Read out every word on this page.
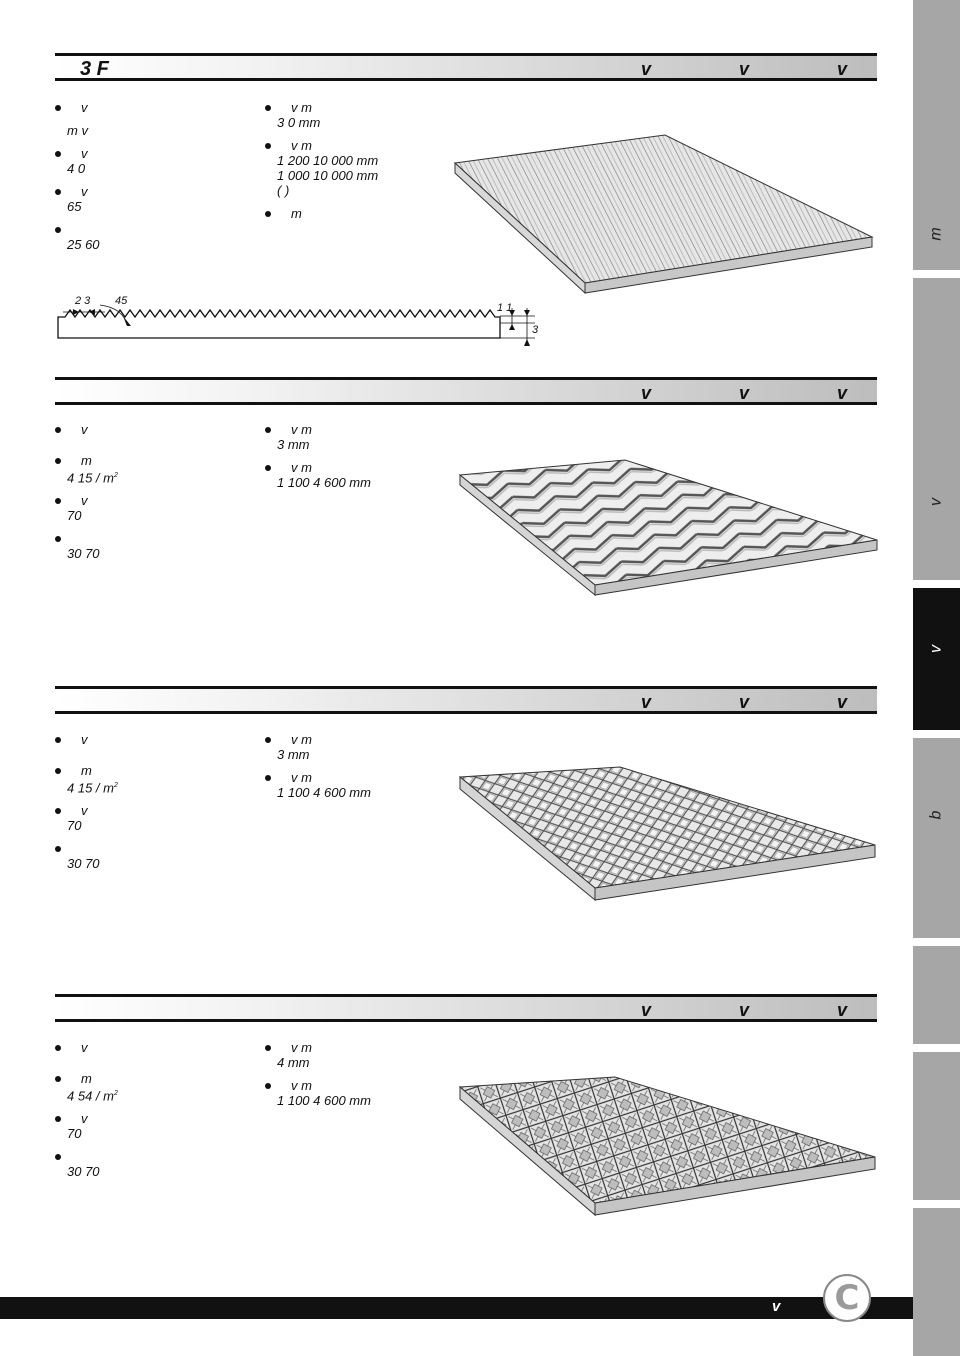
3 F	v	v	v
v
m v
v
4 0
v
65
25 60
v m
3 0 mm
v m
1 200 10 000 mm
1 000 10 000 mm
( )
m
2 3 45
1 1
3
v	v	v
v
m
4 $15 / m^2$
v
70
30 70
v m
3 mm
v m
1 100 4 600 mm
v	v	v
v
m
4 $15 / m^2$
v
70
30 70
v m
3 mm
v m
1 100 4 600 mm
v	v	v
v
m
4 $54 / m^2$
v
70
30 70
v m
4 mm
v m
1 100 4 600 mm
m
v
v
b
v	C
